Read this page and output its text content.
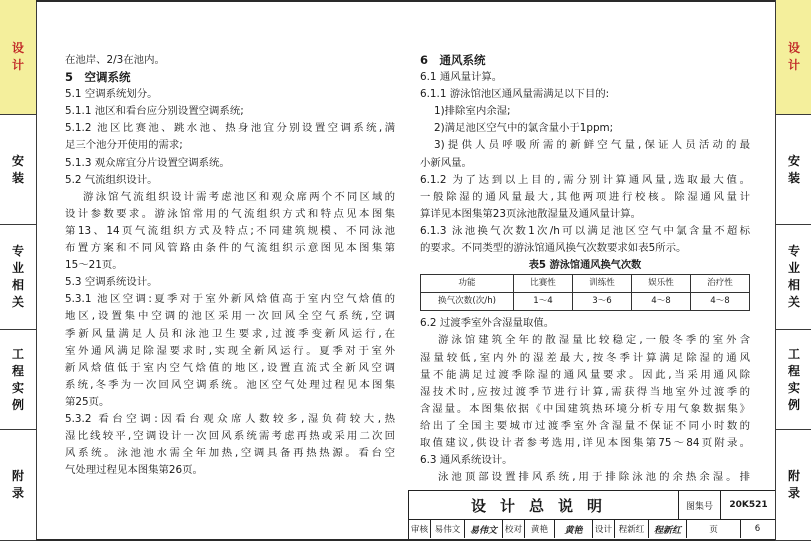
设计
安装
专业相关
工程实例
附录
设计
安装
专业相关
工程实例
附录
在池岸、2/3在池内。
5　空调系统
5.1 空调系统划分。
5.1.1 池区和看台应分别设置空调系统;
5.1.2 池区比赛池、跳水池、热身池宜分别设置空调系统,满
足三个池分开使用的需求;
5.1.3 观众席宜分片设置空调系统。
5.2 气流组织设计。
游泳馆气流组织设计需考虑池区和观众席两个不同区域的
设计参数要求。游泳馆常用的气流组织方式和特点见本图集
第13、14页气流组织方式及特点;不同建筑规模、不同泳池
布置方案和不同风管路由条件的气流组织示意图见本图集第
15～21页。
5.3 空调系统设计。
5.3.1 池区空调:夏季对于室外新风焓值高于室内空气焓值的
地区,设置集中空调的池区采用一次回风全空气系统,空调
季新风量满足人员和泳池卫生要求,过渡季变新风运行,在
室外通风满足除湿要求时,实现全新风运行。夏季对于室外
新风焓值低于室内空气焓值的地区,设置直流式全新风空调
系统,冬季为一次回风空调系统。池区空气处理过程见本图集
第25页。
5.3.2 看台空调:因看台观众席人数较多,湿负荷较大,热
湿比线较平,空调设计一次回风系统需考虑再热或采用二次回
风系统。泳池池水需全年加热,空调具备再热热源。看台空
气处理过程见本图集第26页。
6　通风系统
6.1 通风量计算。
6.1.1 游泳馆池区通风量需满足以下目的:
1)排除室内余湿;
2)满足池区空气中的氯含量小于1ppm;
3)提供人员呼吸所需的新鲜空气量,保证人员活动的最
小新风量。
6.1.2 为了达到以上目的,需分别计算通风量,选取最大值。
一般除湿的通风量最大,其他两项进行校核。除湿通风量计
算详见本图集第23页泳池散湿量及通风量计算。
6.1.3 泳池换气次数1次/h可以满足池区空气中氯含量不超标
的要求。不同类型的游泳馆通风换气次数要求如表5所示。
表5 游泳馆通风换气次数
功能	比赛性	训练性	娱乐性	治疗性
换气次数(次/h)	1～4	3～6	4～8	4～8
6.2 过渡季室外含湿量取值。
游泳馆建筑全年的散湿量比较稳定,一般冬季的室外含
湿量较低,室内外的湿差最大,按冬季计算满足除湿的通风
量不能满足过渡季除湿的通风量要求。因此,当采用通风除
湿技术时,应按过渡季节进行计算,需获得当地室外过渡季的
含湿量。本图集依据《中国建筑热环境分析专用气象数据集》
给出了全国主要城市过渡季室外含湿量不保证不同小时数的
取值建议,供设计者参考选用,详见本图集第75～84页附录。
6.3 通风系统设计。
泳池顶部设置排风系统,用于排除泳池的余热余湿。排
设计总说明	图集号	20K521
审核 易伟文	易伟文 校对	黄艳	黄艳	设计 程新红	程新红	页	6
